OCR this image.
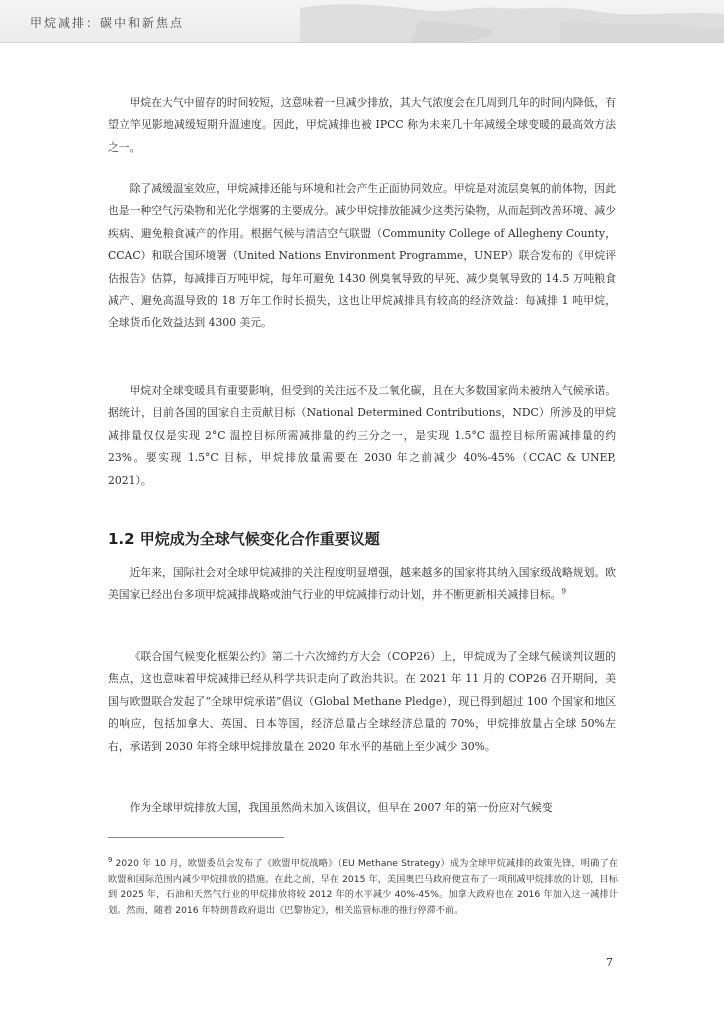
甲烷减排：碳中和新焦点

甲烷在大气中留存的时间较短，这意味着一旦减少排放，其大气浓度会在几周到几年的时间内降低，有望立竿见影地减缓短期升温速度。因此，甲烷减排也被 IPCC 称为未来几十年减缓全球变暖的最高效方法之一。

除了减缓温室效应，甲烷减排还能与环境和社会产生正面协同效应。甲烷是对流层臭氧的前体物，因此也是一种空气污染物和光化学烟雾的主要成分。减少甲烷排放能减少这类污染物，从而起到改善环境、减少疾病、避免粮食减产的作用。根据气候与清洁空气联盟（Community College of Allegheny County，CCAC）和联合国环境署（United Nations Environment Programme，UNEP）联合发布的《甲烷评估报告》估算，每减排百万吨甲烷，每年可避免 1430 例臭氧导致的早死、减少臭氧导致的 14.5 万吨粮食减产、避免高温导致的 18 万年工作时长损失，这也让甲烷减排具有较高的经济效益：每减排 1 吨甲烷，全球货币化效益达到 4300 美元。

甲烷对全球变暖具有重要影响，但受到的关注远不及二氧化碳，且在大多数国家尚未被纳入气候承诺。据统计，目前各国的国家自主贡献目标（National Determined Contributions，NDC）所涉及的甲烷减排量仅仅是实现 2°C 温控目标所需减排量的约三分之一，是实现 1.5°C 温控目标所需减排量的约 23%。要实现 1.5°C 目标，甲烷排放量需要在 2030 年之前减少 40%-45%（CCAC & UNEP, 2021）。

1.2 甲烷成为全球气候变化合作重要议题

近年来，国际社会对全球甲烷减排的关注程度明显增强，越来越多的国家将其纳入国家级战略规划。欧美国家已经出台多项甲烷减排战略或油气行业的甲烷减排行动计划，并不断更新相关减排目标。$^9$

《联合国气候变化框架公约》第二十六次缔约方大会（COP26）上，甲烷成为了全球气候谈判议题的焦点，这也意味着甲烷减排已经从科学共识走向了政治共识。在 2021 年 11 月的 COP26 召开期间，美国与欧盟联合发起了“全球甲烷承诺”倡议（Global Methane Pledge），现已得到超过 100 个国家和地区的响应，包括加拿大、英国、日本等国，经济总量占全球经济总量的 70%，甲烷排放量占全球 50%左右，承诺到 2030 年将全球甲烷排放量在 2020 年水平的基础上至少减少 30%。

作为全球甲烷排放大国，我国虽然尚未加入该倡议，但早在 2007 年的第一份应对气候变

$^9$ 2020 年 10 月，欧盟委员会发布了《欧盟甲烷战略》（EU Methane Strategy）成为全球甲烷减排的政策先锋，明确了在欧盟和国际范围内减少甲烷排放的措施。在此之前，早在 2015 年，美国奥巴马政府便宣布了一项削减甲烷排放的计划，目标到 2025 年，石油和天然气行业的甲烷排放将较 2012 年的水平减少 40%-45%。加拿大政府也在 2016 年加入这一减排计划。然而，随着 2016 年特朗普政府退出《巴黎协定》，相关监管标准的推行停滞不前。
7
